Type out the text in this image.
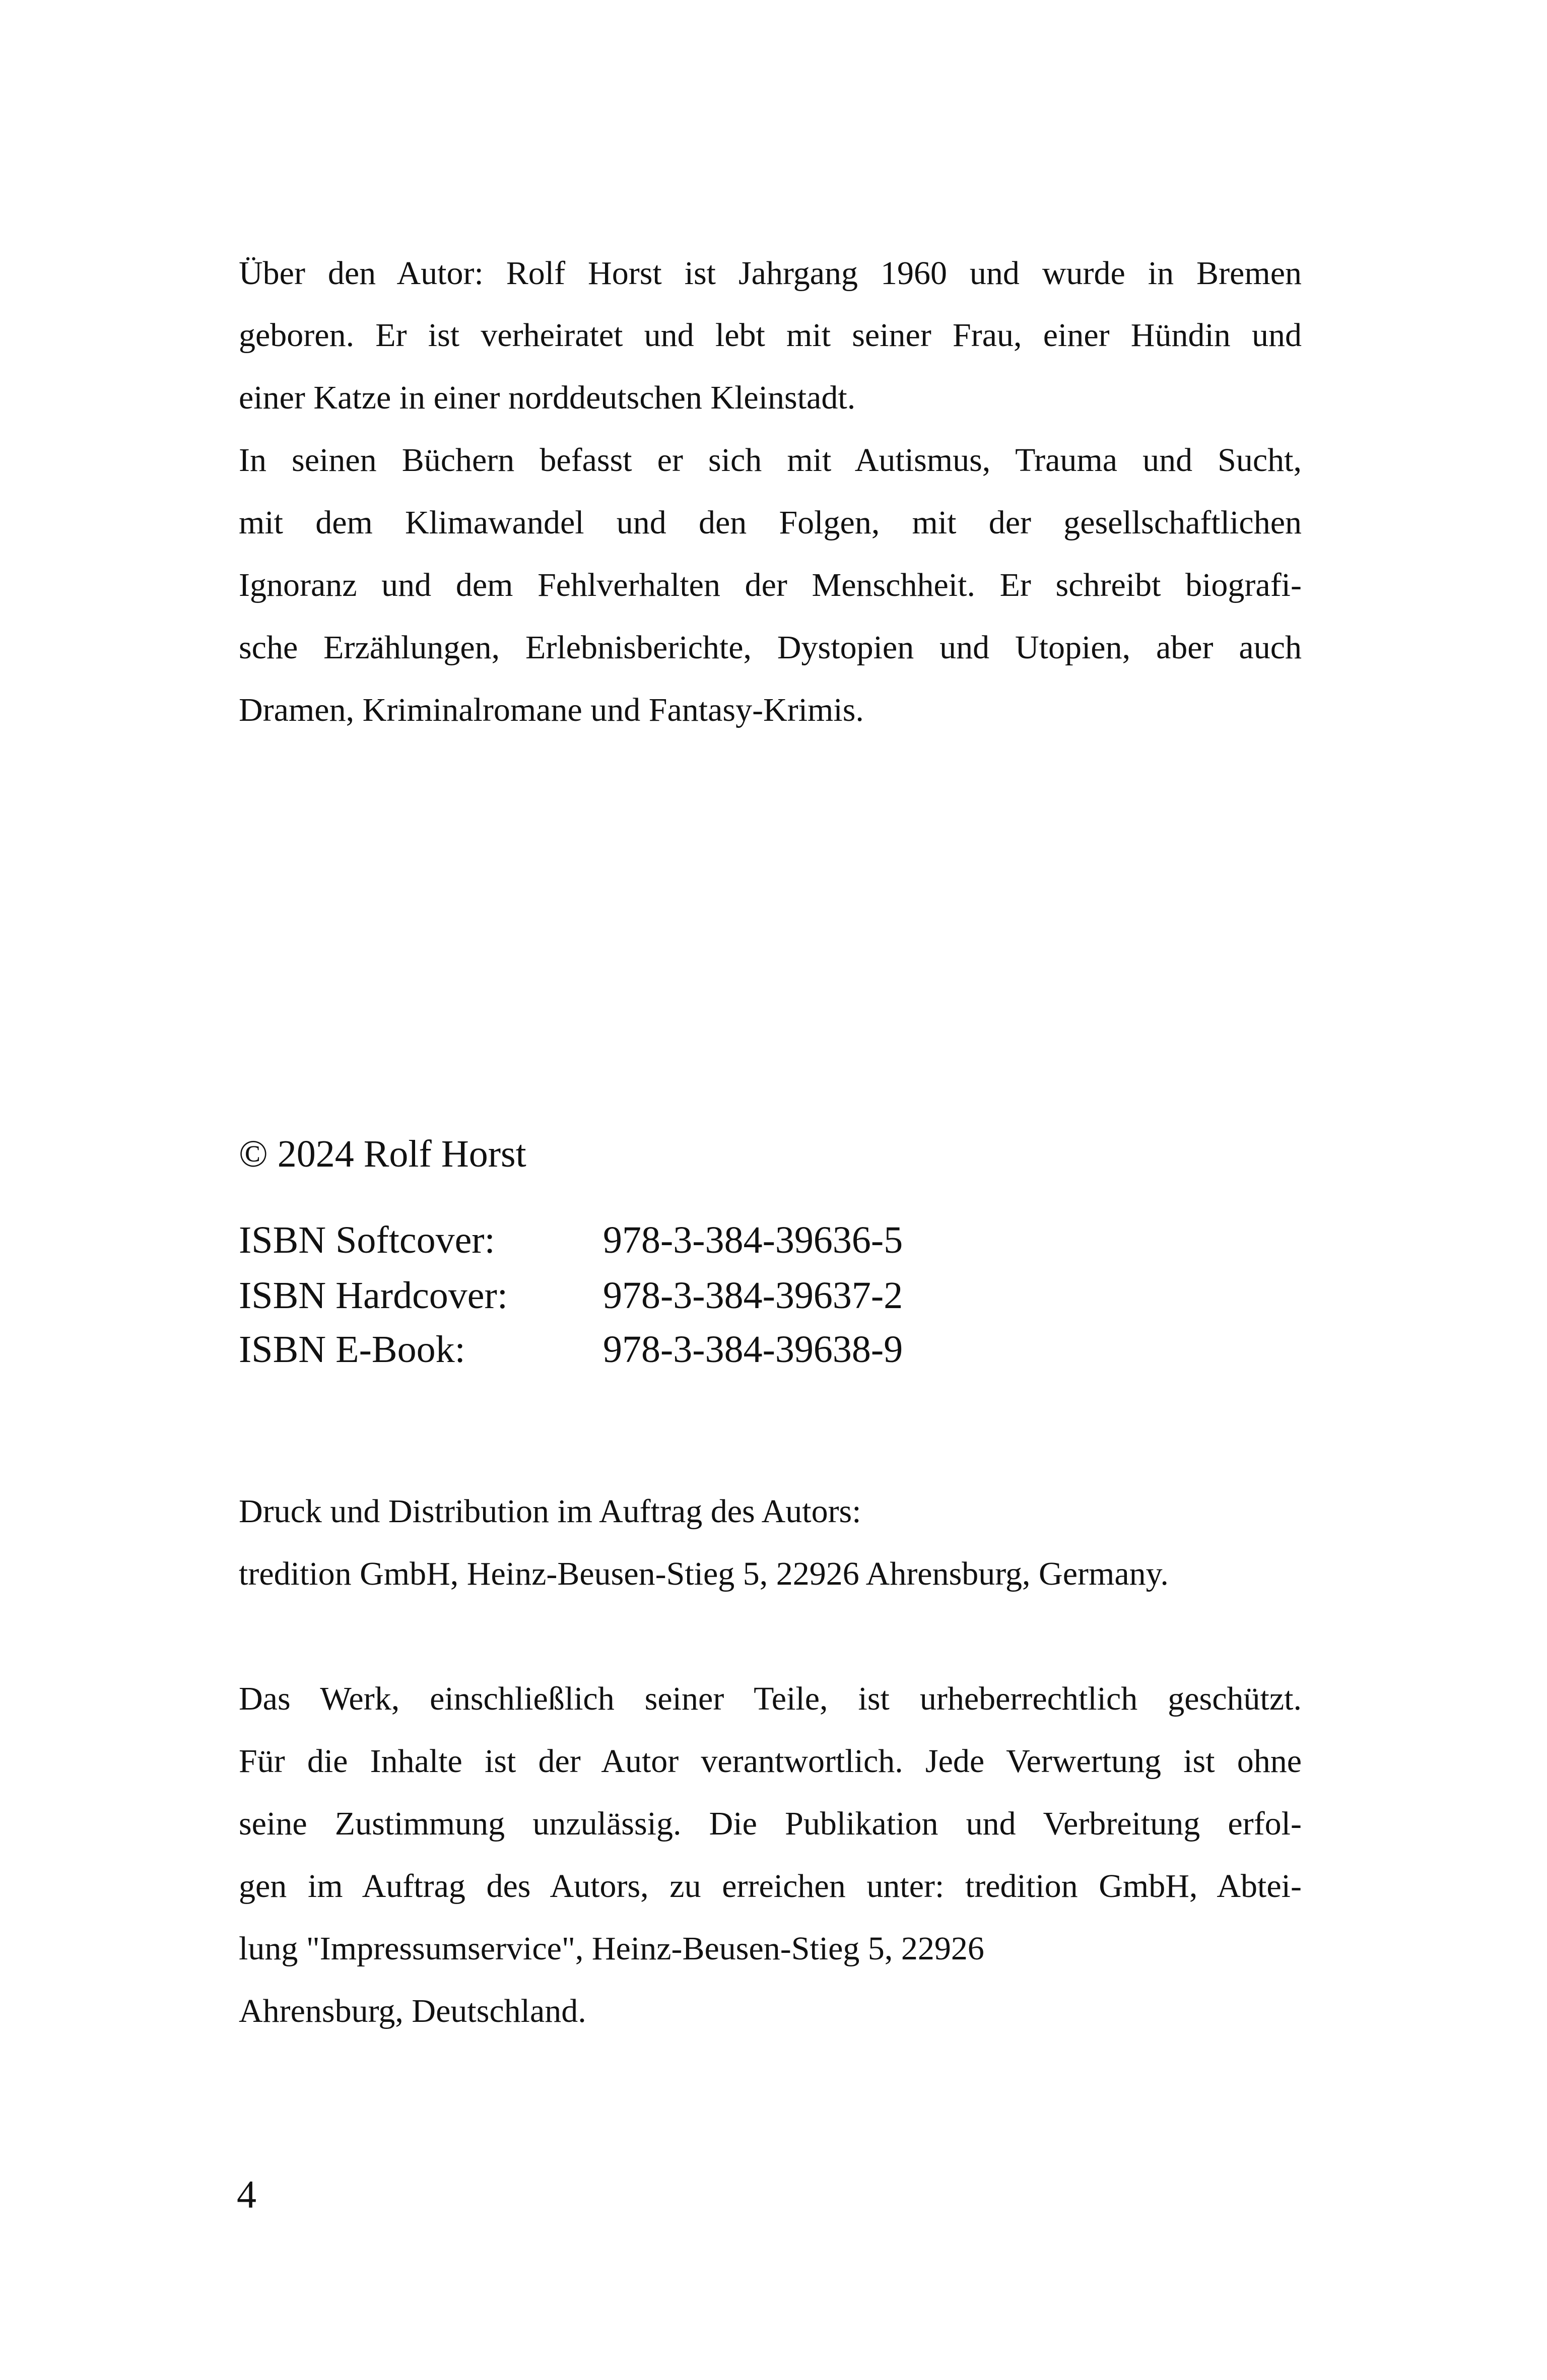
Über den Autor: Rolf Horst ist Jahrgang 1960 und wurde in Bremen
geboren. Er ist verheiratet und lebt mit seiner Frau, einer Hündin und
einer Katze in einer norddeutschen Kleinstadt.
In seinen Büchern befasst er sich mit Autismus, Trauma und Sucht,
mit dem Klimawandel und den Folgen, mit der gesellschaftlichen
Ignoranz und dem Fehlverhalten der Menschheit. Er schreibt biografi-
sche Erzählungen, Erlebnisberichte, Dystopien und Utopien, aber auch
Dramen, Kriminalromane und Fantasy-Krimis.
© 2024 Rolf Horst
ISBN Softcover:	978-3-384-39636-5
ISBN Hardcover: 978-3-384-39637-2
ISBN E-Book:	978-3-384-39638-9
Druck und Distribution im Auftrag des Autors:
tredition GmbH, Heinz-Beusen-Stieg 5, 22926 Ahrensburg, Germany.
Das Werk, einschließlich seiner Teile, ist urheberrechtlich geschützt.
Für die Inhalte ist der Autor verantwortlich. Jede Verwertung ist ohne
seine Zustimmung unzulässig. Die Publikation und Verbreitung erfol-
gen im Auftrag des Autors, zu erreichen unter: tredition GmbH, Abtei-
lung "Impressumservice", Heinz-Beusen-Stieg 5, 22926
Ahrensburg, Deutschland.
4
